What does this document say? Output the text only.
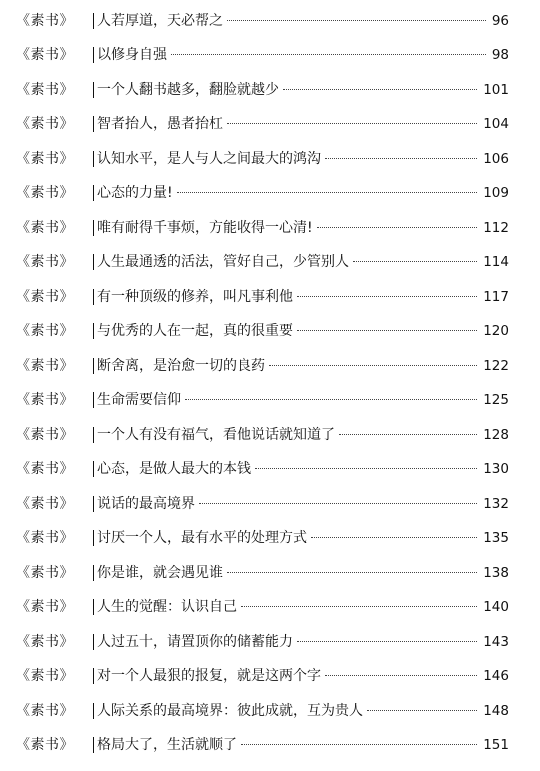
《素书》 人若厚道，天必帮之	96
《素书》 以修身自强	98
《素书》 一个人翻书越多，翻脸就越少	101
《素书》 智者抬人，愚者抬杠	104
《素书》 认知水平，是人与人之间最大的鸿沟	106
《素书》 心态的力量!	109
《素书》 唯有耐得千事烦，方能收得一心清!	112
《素书》 人生最通透的活法，管好自己，少管别人	114
《素书》 有一种顶级的修养，叫凡事利他	117
《素书》 与优秀的人在一起，真的很重要	120
《素书》 断舍离，是治愈一切的良药	122
《素书》 生命需要信仰	125
《素书》 一个人有没有福气，看他说话就知道了	128
《素书》 心态，是做人最大的本钱	130
《素书》 说话的最高境界	132
《素书》 讨厌一个人，最有水平的处理方式	135
《素书》 你是谁，就会遇见谁	138
《素书》 人生的觉醒：认识自己	140
《素书》 人过五十，请置顶你的储蓄能力	143
《素书》 对一个人最狠的报复，就是这两个字	146
《素书》 人际关系的最高境界：彼此成就，互为贵人	148
《素书》 格局大了，生活就顺了	151
